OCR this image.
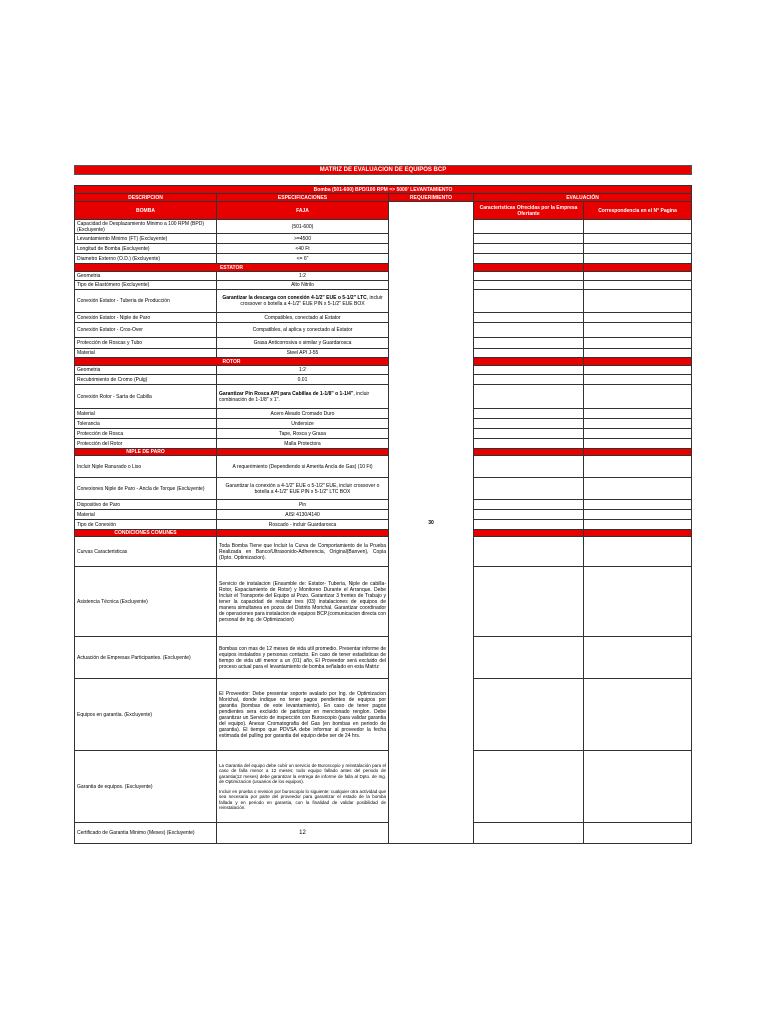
MATRIZ DE EVALUACION DE EQUIPOS BCP
Bomba (501-600) BPD/100 RPM => 5000' LEVANTAMIENTO				
DESCRIPCION	ESPECIFICACIONES	REQUERIMIENTO	EVALUACIÓN	
BOMBA	FAJA	30	Caracteristicas Ofrecidas por la Empresa Ofertante	Correspondencia en el N° Pagina
Capacidad de Desplazamiento Minimo a 100 RPM (BPD) (Excluyente)	(501-600)			
Levantamiento Minimo (FT) (Excluyente)	>=4500			
Longitud de Bomba (Excluyente)	<40 Ft			
Diametro Externo (O.D.) (Excluyente)	<= 6"			
ESTATOR				
Geometria	1:2			
Tipo de Elastómero (Excluyente)	Alto Nitrilo			
Conexión Estator - Tuberia de Producción	Garantizar la descarga con conexión 4-1/2" EUE o 5-1/2" LTC, incluir crossover o botella a 4-1/2" EUE PIN x 5-1/2" EUE BOX			
Conexión Estator - Niple de Paro	Compatibles, conectado al Estator			
Conexión Estator - Cros-Over	Compatibles, al aplica y conectado al Estator			
Protección de Roscas y Tubo	Grasa Anticorrosiva o similar y Guardarosca			
Material	Steel API J-55			
ROTOR				
Geometria	1:2			
Recubrimiento de Cromo (Pulg)	0.01			
Conexión Rotor - Sarta de Cabilla	Garantizar Pin Rosca API para Cabillas de 1-1/8" o 1-1/4", incluir combinación de 1-1/8" x 1".			
Material	Acero Aleado Cromado Duro			
Tolerancia	Undersize			
Protección de Rosca	Tape, Rosca y Grasa			
Protección del Rotor	Malla Protectora			
NIPLE DE PARO				
Incluir Niple Ranurado o Liso	A requerimiento (Dependiendo si Amerita Ancla de Gas) (10 Ft)			
Conexiones Niple de Paro - Ancla de Torque (Excluyente)	Garantizar la conexión a 4-1/2" EUE o 5-1/2" EUE, incluir crossover o botella a 4-1/2" EUE PIN x 5-1/2" LTC BOX			
Dispositivo de Paro	Pin			
Material	AISI 4130/4140			
Tipo de Conexión	Roscado - incluir Guardarosca			
CONDICIONES COMUNES				
Curvas Caracteristicas	Toda Bomba Tiene que Incluir la Curva de Comportamiento de la Prueba Realizada en Banco/Ultrasonido-Adherencia, Original(Banven), Copia (Dpto. Optimizacion).			
Asistencia Técnica (Excluyente)	Servicio de instalacion (Ensamble de: Estator- Tuberia, Niple de cabilla-Rotor, Espaciamiento de Rotor) y Monitoreo Durante el Arranque. Debe Incluir el Transporte del Equipo al Pozo. Garantizar 3 frentes de Trabajo y tener la capacidad de realizar tres (03) instalaciones de equipos de manera simultanea en pozos del Distrito Morichal. Garantizar coordinador de operaciones para instalacion de equipos BCP.(comunicacion directa con personal de Ing. de Optimizacion)			
Actuación de Empresas Participantes. (Excluyente)	Bombas con mas de 12 meses de vida util promedio. Presentar informe de equipos instalados y personas contacto. En caso de tener estadisticas de tiempo de vida util menor a un (01) año, El Proveedor será excluido del proceso actual para el levantamiento de bomba señalado en esta Matriz			
Equipos en garantia. (Excluyente)	El Proveedor: Debe presentar soporte avalado por Ing. de Optimizacion Morichal, donde indique no tener pagos pendientes de equipos por garantia (bombas de este levantamiento). En caso de tener pagos pendientes sera excluido de participar en mencionado renglon. Debe garantizar un Servicio de inspección con Buroscopio (para validar garantia del equipo). Anexar Cromatografia del Gas (en bombas en periodo de garantia). El tiempo que PDVSA debe informar al proveedor la fecha estimada del pulling por garantia del equipo debe ser de 24 hrs.			
Garantia de equipos. (Excluyente)	La Garantia del equipo debe cubir un servicio de Buroscopio y reinstalación para el caso de falla menor a 12 meses; todo equipo fallado antes del periodo de garantia(12 meses) debe garantizar la entrega de informe de falla al Dpto. de Ing. de Optimizacion (usuarios de los equipos).

Incluir en prueba o revision por buroscopio lo siguiente: cualquier otra actividad que sea necesaria por parte del proveedor para garantizar el estado de la bomba fallada y en periodo en garantia, con la finalidad de validar posibilidad de reinstalación.			

Certificado de Garantia Minimo (Meses) (Excluyente)	12			
